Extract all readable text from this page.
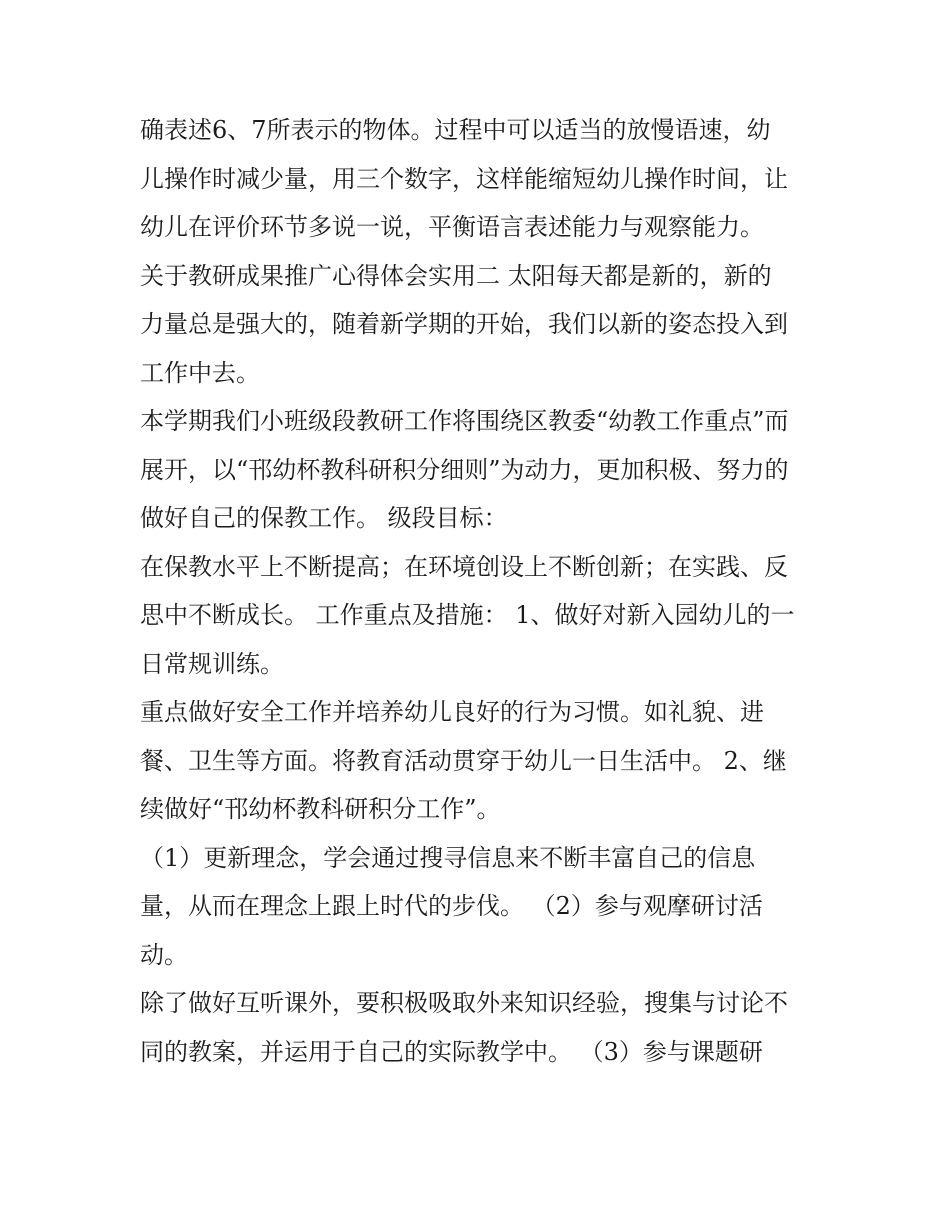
确表述6、7所表示的物体。过程中可以适当的放慢语速，幼
儿操作时减少量，用三个数字，这样能缩短幼儿操作时间，让
幼儿在评价环节多说一说，平衡语言表述能力与观察能力。

关于教研成果推广心得体会实用二 太阳每天都是新的，新的
力量总是强大的，随着新学期的开始，我们以新的姿态投入到
工作中去。

本学期我们小班级段教研工作将围绕区教委“幼教工作重点”而
展开，以“邗幼杯教科研积分细则”为动力，更加积极、努力的
做好自己的保教工作。 级段目标：

在保教水平上不断提高；在环境创设上不断创新；在实践、反
思中不断成长。 工作重点及措施： 1、做好对新入园幼儿的一
日常规训练。

重点做好安全工作并培养幼儿良好的行为习惯。如礼貌、进
餐、卫生等方面。将教育活动贯穿于幼儿一日生活中。 2、继
续做好“邗幼杯教科研积分工作”。

（1）更新理念，学会通过搜寻信息来不断丰富自己的信息
量，从而在理念上跟上时代的步伐。 （2）参与观摩研讨活
动。

除了做好互听课外，要积极吸取外来知识经验，搜集与讨论不
同的教案，并运用于自己的实际教学中。 （3）参与课题研
